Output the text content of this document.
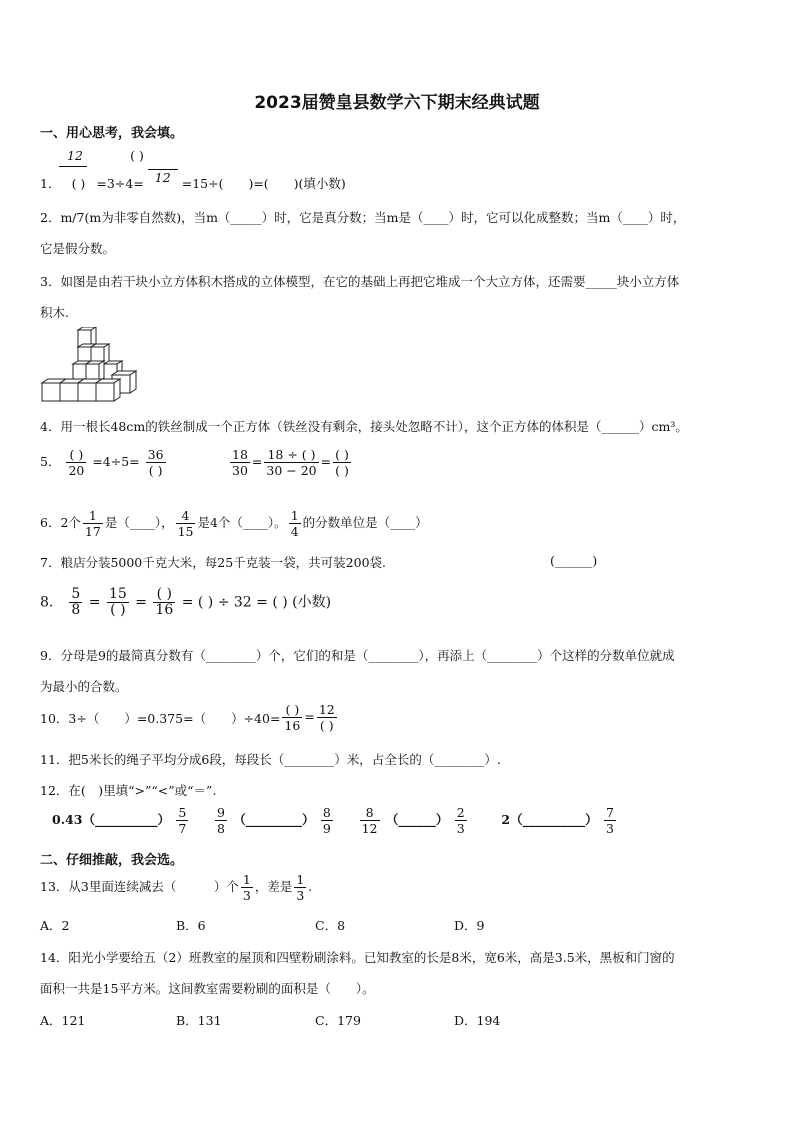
2023届赞皇县数学六下期末经典试题
一、用心思考，我会填。
12	( )
1． ( ) =3÷4= 12 =15÷(　　)=(　　)(填小数)
2．m/7(m为非零自然数)，当m（_____）时，它是真分数；当m是（____）时，它可以化成整数；当m（____）时，
它是假分数。
3．如图是由若干块小立方体积木搭成的立体模型，在它的基础上再把它堆成一个大立方体，还需要_____块小立方体
积木.
4．用一根长48cm的铁丝制成一个正方体（铁丝没有剩余，接头处忽略不计），这个正方体的体积是（______）cm³。
5． $\frac{( )}{20} =4\div 5= \frac{36}{( )}$	$\frac{18}{30} = \frac{18 \div ( )}{30 - 20} = \frac{( )}{( )}$
6．2个 $\frac{1}{17}$ 是（____）， $\frac{4}{15}$ 是4个（____）。 $\frac{1}{4}$ 的分数单位是（____）
7．粮店分装5000千克大米，每25千克装一袋，共可装200袋.	(______)
8． $\frac{5}{8} = \frac{15}{( )} = \frac{( )}{16}$ = ( ) ÷ 32 = ( ) (小数)
9．分母是9的最简真分数有（________）个，它们的和是（________），再添上（________）个这样的分数单位就成
为最小的合数。
10．3÷（　　）=0.375=（　　）$\div 40= \frac{( )}{16} = \frac{12}{( )}$
11．把5米长的绳子平均分成6段，每段长（________）米，占全长的（________）.
12．在(　)里填“>”“<”或“＝”.
0.43（__________） $\frac{5}{7}$
$\frac{9}{8}$ （_________） $\frac{8}{9}$
$\frac{8}{12}$ （______） $\frac{2}{3}$	2（__________） $\frac{7}{3}$
二、仔细推敲，我会选。
13．从3里面连续减去（　　　）个 $\frac{1}{3}$ ，差是 $\frac{1}{3}$ .
A．2	B．6	C．8	D．9
14．阳光小学要给五（2）班教室的屋顶和四壁粉刷涂料。已知教室的长是8米，宽6米，高是3.5米，黑板和门窗的
面积一共是15平方米。这间教室需要粉刷的面积是（　　）。
A．121	B．131	C．179	D．194
